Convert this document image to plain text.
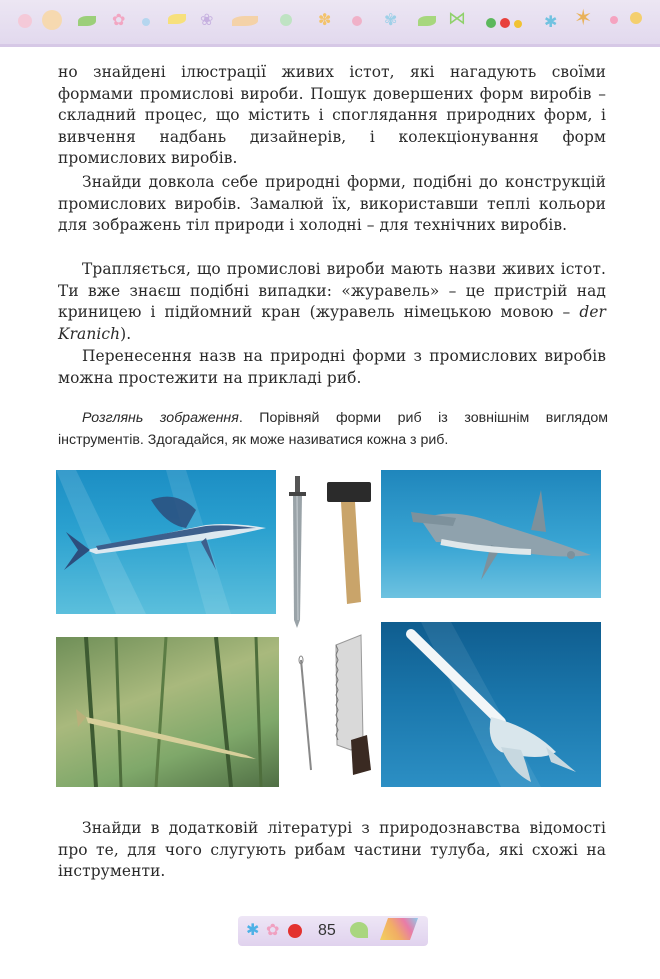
✿	❀	✽	✾	⋈	✱ ✶

но знайдені ілюстрації живих істот, які нагадують своїми формами промислові вироби. Пошук довершених форм виробів – складний процес, що містить і споглядання природних форм, і вивчення надбань дизайнерів, і колекціонування форм промислових виробів.

Знайди довкола себе природні форми, подібні до конструкцій промислових виробів. Замалюй їх, використавши теплі кольори для зображень тіл природи і холодні – для технічних виробів.

Трапляється, що промислові вироби мають назви живих істот. Ти вже знаєш подібні випадки: «журавель» – це пристрій над криницею і підйомний кран (журавель німецькою мовою – der Kranich).

Перенесення назв на природні форми з промислових виробів можна простежити на прикладі риб.

Розглянь зображення. Порівняй форми риб із зовнішнім виглядом інструментів. Здогадайся, як може називатися кожна з риб.

Знайди в додатковій літературі з природознавства відомості про те, для чого слугують рибам частини тулуба, які схожі на інструменти.

✱ ✿ 85
